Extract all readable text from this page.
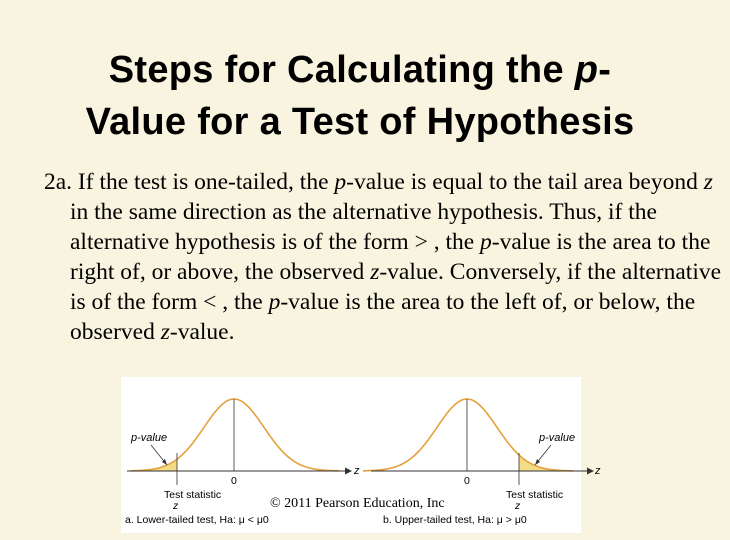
Steps for Calculating the p-
Value for a Test of Hypothesis
2a. If the test is one-tailed, the p-value is equal to the tail area beyond z in the same direction as the alternative hypothesis. Thus, if the alternative hypothesis is of the form > , the p-value is the area to the right of, or above, the observed z-value. Conversely, if the alternative is of the form < , the p-value is the area to the left of, or below, the observed z-value.
p-value
z
0
Test statistic
z
a. Lower-tailed test, Ha: μ < μ0
p-value
z
0
Test statistic
z
b. Upper-tailed test, Ha: μ > μ0
© 2011 Pearson Education, Inc
